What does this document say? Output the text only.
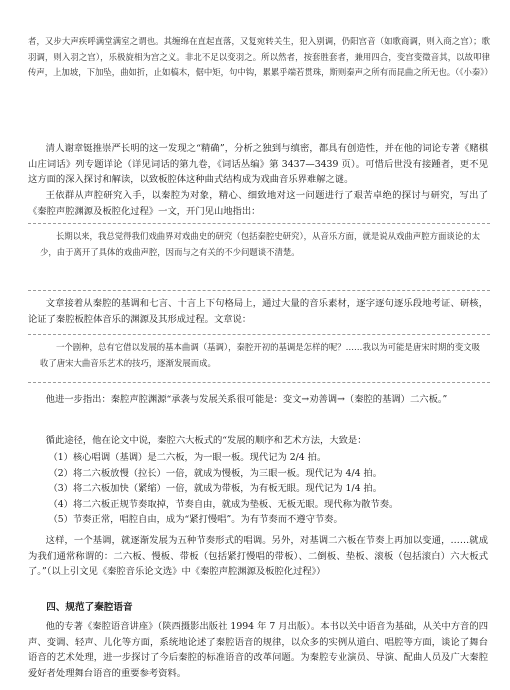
者，又步大声疾呼满堂满室之谓也。其缠绵在直起直落，又复宛转关生，犯入别调，仍阳宫音（如歌商调，则入商之宫）；歌羽调，则入羽之宫），乐极旋相为宫之义。非北不足以变羽之。所以然者，按套胜套者，兼用四合，变宫变徵音其，以故叩律传声，上加坡，下加坠，曲如折，止如槁木，倨中矩，句中钩，累累乎端若贯珠，斯则秦声之所有而昆曲之所无也。（《小秦》）

清人谢章铤推崇严长明的这一发现之“精确”，分析之独到与缜密，都具有创造性，并在他的词论专著《赌棋山庄词话》列专题详论（详见词话的第九卷，《词话丛编》第 3437—3439 页）。可惜后世没有接踵者，更不见这方面的深入探讨和解读，以致板腔体这种曲式结构成为戏曲音乐界难解之谜。

王依群从声腔研究入手，以秦腔为对象，精心、细致地对这一问题进行了艰苦卓绝的探讨与研究，写出了《秦腔声腔渊源及板腔化过程》一文，开门见山地指出：

长期以来，我总觉得我们戏曲界对戏曲史的研究（包括秦腔史研究），从音乐方面，就是说从戏曲声腔方面谈论的太少，由于离开了具体的戏曲声腔，因而与之有关的不少问题谈不清楚。

文章接着从秦腔的基调和七言、十言上下句格局上，通过大量的音乐素材，逐字逐句逐乐段地考证、研核，论证了秦腔板腔体音乐的渊源及其形成过程。文章说：

一个剧种，总有它借以发展的基本曲调（基调），秦腔开初的基调是怎样的呢？……我以为可能是唐宋时期的变文吸收了唐宋大曲音乐艺术的技巧，逐渐发展而成。

他进一步指出：秦腔声腔渊源“承袭与发展关系很可能是：变文→劝善调→（秦腔的基调）二六板。”

循此途径，他在论文中说，秦腔六大板式的“发展的顺序和艺术方法，大致是：

（1）核心唱调（基调）是二六板，为一眼一板。现代记为 2/4 拍。
（2）将二六板放慢（拉长）一倍，就成为慢板，为三眼一板。现代记为 4/4 拍。
（3）将二六板加快（紧缩）一倍，就成为带板，为有板无眼。现代记为 1/4 拍。
（4）将二六板正规节奏取掉，节奏自由，就成为垫板、无板无眼。现代称为散节奏。
（5）节奏正常，唱腔自由，成为“紧打慢唱”。为有节奏而不遵守节奏。

这样，一个基调，就逐渐发展为五种节奏形式的唱调。另外，对基调二六板在节奏上再加以变通，……就成为我们通常称谓的：二六板、慢板、带板（包括紧打慢唱的带板）、二倒板、垫板、滚板（包括滚白）六大板式了。”（以上引文见《秦腔音乐论文选》中《秦腔声腔渊源及板腔化过程》）

四、规范了秦腔语音

他的专著《秦腔语音讲座》（陕西摄影出版社 1994 年 7 月出版）。本书以关中语音为基础，从关中方音的四声、变调、轻声、儿化等方面，系统地论述了秦腔语音的规律，以众多的实例从道白、唱腔等方面，谈论了舞台语音的艺术处理，进一步探讨了今后秦腔的标准语音的改革问题。为秦腔专业演员、导演、配曲人员及广大秦腔爱好者处理舞台语音的重要参考资料。
